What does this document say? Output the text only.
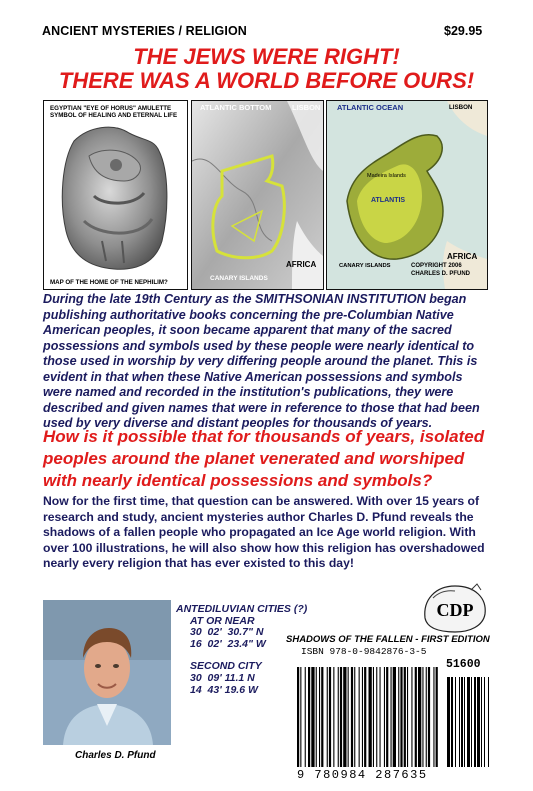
ANCIENT MYSTERIES / RELIGION	$29.95
THE JEWS WERE RIGHT!
THERE WAS A WORLD BEFORE OURS!
EGYPTIAN "EYE OF HORUS" AMULETTE
SYMBOL OF HEALING AND ETERNAL LIFE
MAP OF THE HOME OF THE NEPHILIM?
ATLANTIC BOTTOM	LISBON
AFRICA
CANARY ISLANDS
ATLANTIC OCEAN	LISBON
Madeira Islands
ATLANTIS
AFRICA
CANARY ISLANDS	COPYRIGHT 2006
CHARLES D. PFUND
During the late 19th Century as the SMITHSONIAN INSTITUTION began publishing authoritative books concerning the pre-Columbian Native American peoples, it soon became apparent that many of the sacred possessions and symbols used by these people were nearly identical to those used in worship by very differing people around the planet. This is evident in that when these Native American possessions and symbols were named and recorded in the institution's publications, they were described and given names that were in reference to those that had been used by very diverse and distant peoples for thousands of years.
How is it possible that for thousands of years, isolated peoples around the planet venerated and worshiped with nearly identical possessions and symbols?
Now for the first time, that question can be answered. With over 15 years of research and study, ancient mysteries author Charles D. Pfund reveals the shadows of a fallen people who propagated an Ice Age world religion. With over 100 illustrations, he will also show how this religion has overshadowed nearly every religion that has ever existed to this day!
Charles D. Pfund
ANTEDILUVIAN CITIES (?)
AT OR NEAR
30  02'  30.7" N
16  02'  23.4" W
SECOND CITY
30  09' 11.1 N
14  43' 19.6 W
CDP
SHADOWS OF THE FALLEN - FIRST EDITION
ISBN 978-0-9842876-3-5
51600
9 780984 287635
